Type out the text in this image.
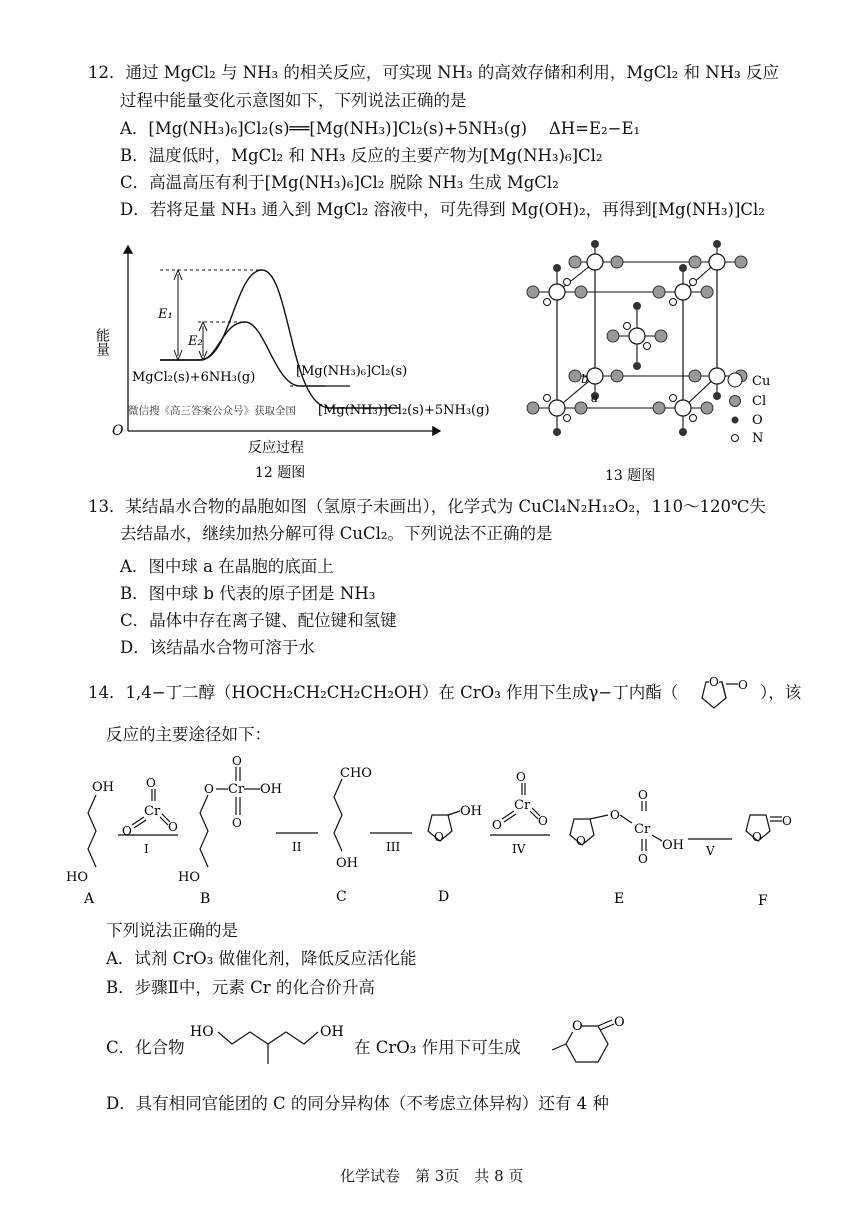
12．通过 MgCl₂ 与 NH₃ 的相关反应，可实现 NH₃ 的高效存储和利用，MgCl₂ 和 NH₃ 反应
过程中能量变化示意图如下，下列说法正确的是
A．[Mg(NH₃)₆]Cl₂(s)══[Mg(NH₃)]Cl₂(s)+5NH₃(g)　 ΔH=E₂−E₁
B．温度低时，MgCl₂ 和 NH₃ 反应的主要产物为[Mg(NH₃)₆]Cl₂
C．高温高压有利于[Mg(NH₃)₆]Cl₂ 脱除 NH₃ 生成 MgCl₂
D．若将足量 NH₃ 通入到 MgCl₂ 溶液中，可先得到 Mg(OH)₂，再得到[Mg(NH₃)]Cl₂
O
能量
E₁
E₂
MgCl₂(s)+6NH₃(g)	[Mg(NH₃)₆]Cl₂(s)
[Mg(NH₃)]Cl₂(s)+5NH₃(g)
微信搜《高三答案公众号》获取全国
反应过程
12 题图
b
a
Cu
Cl
O
N
13 题图
13．某结晶水合物的晶胞如图（氢原子未画出），化学式为 CuCl₄N₂H₁₂O₂，110～120℃失
去结晶水，继续加热分解可得 CuCl₂。下列说法不正确的是
A．图中球 a 在晶胞的底面上
B．图中球 b 代表的原子团是 NH₃
C．晶体中存在离子键、配位键和氢键
D．该结晶水合物可溶于水
14．1,4−丁二醇（HOCH₂CH₂CH₂CH₂OH）在 CrO₃ 作用下生成γ−丁内酯（
O O ），该
反应的主要途径如下：
OH
HO
A
O
Cr
O	O
I
O Cr
O
O
OH
HO
B
II
CHO
OH
C
III
O
OH
D
O
Cr
O	O
IV
O
O
Cr
O
O
OH
E
V
O
O
F
下列说法正确的是
A．试剂 CrO₃ 做催化剂，降低反应活化能
B．步骤Ⅱ中，元素 Cr 的化合价升高
C．化合物
HO	OH
在 CrO₃ 作用下可生成
O O
D．具有相同官能团的 C 的同分异构体（不考虑立体异构）还有 4 种
化学试卷　第 3页　共 8 页
